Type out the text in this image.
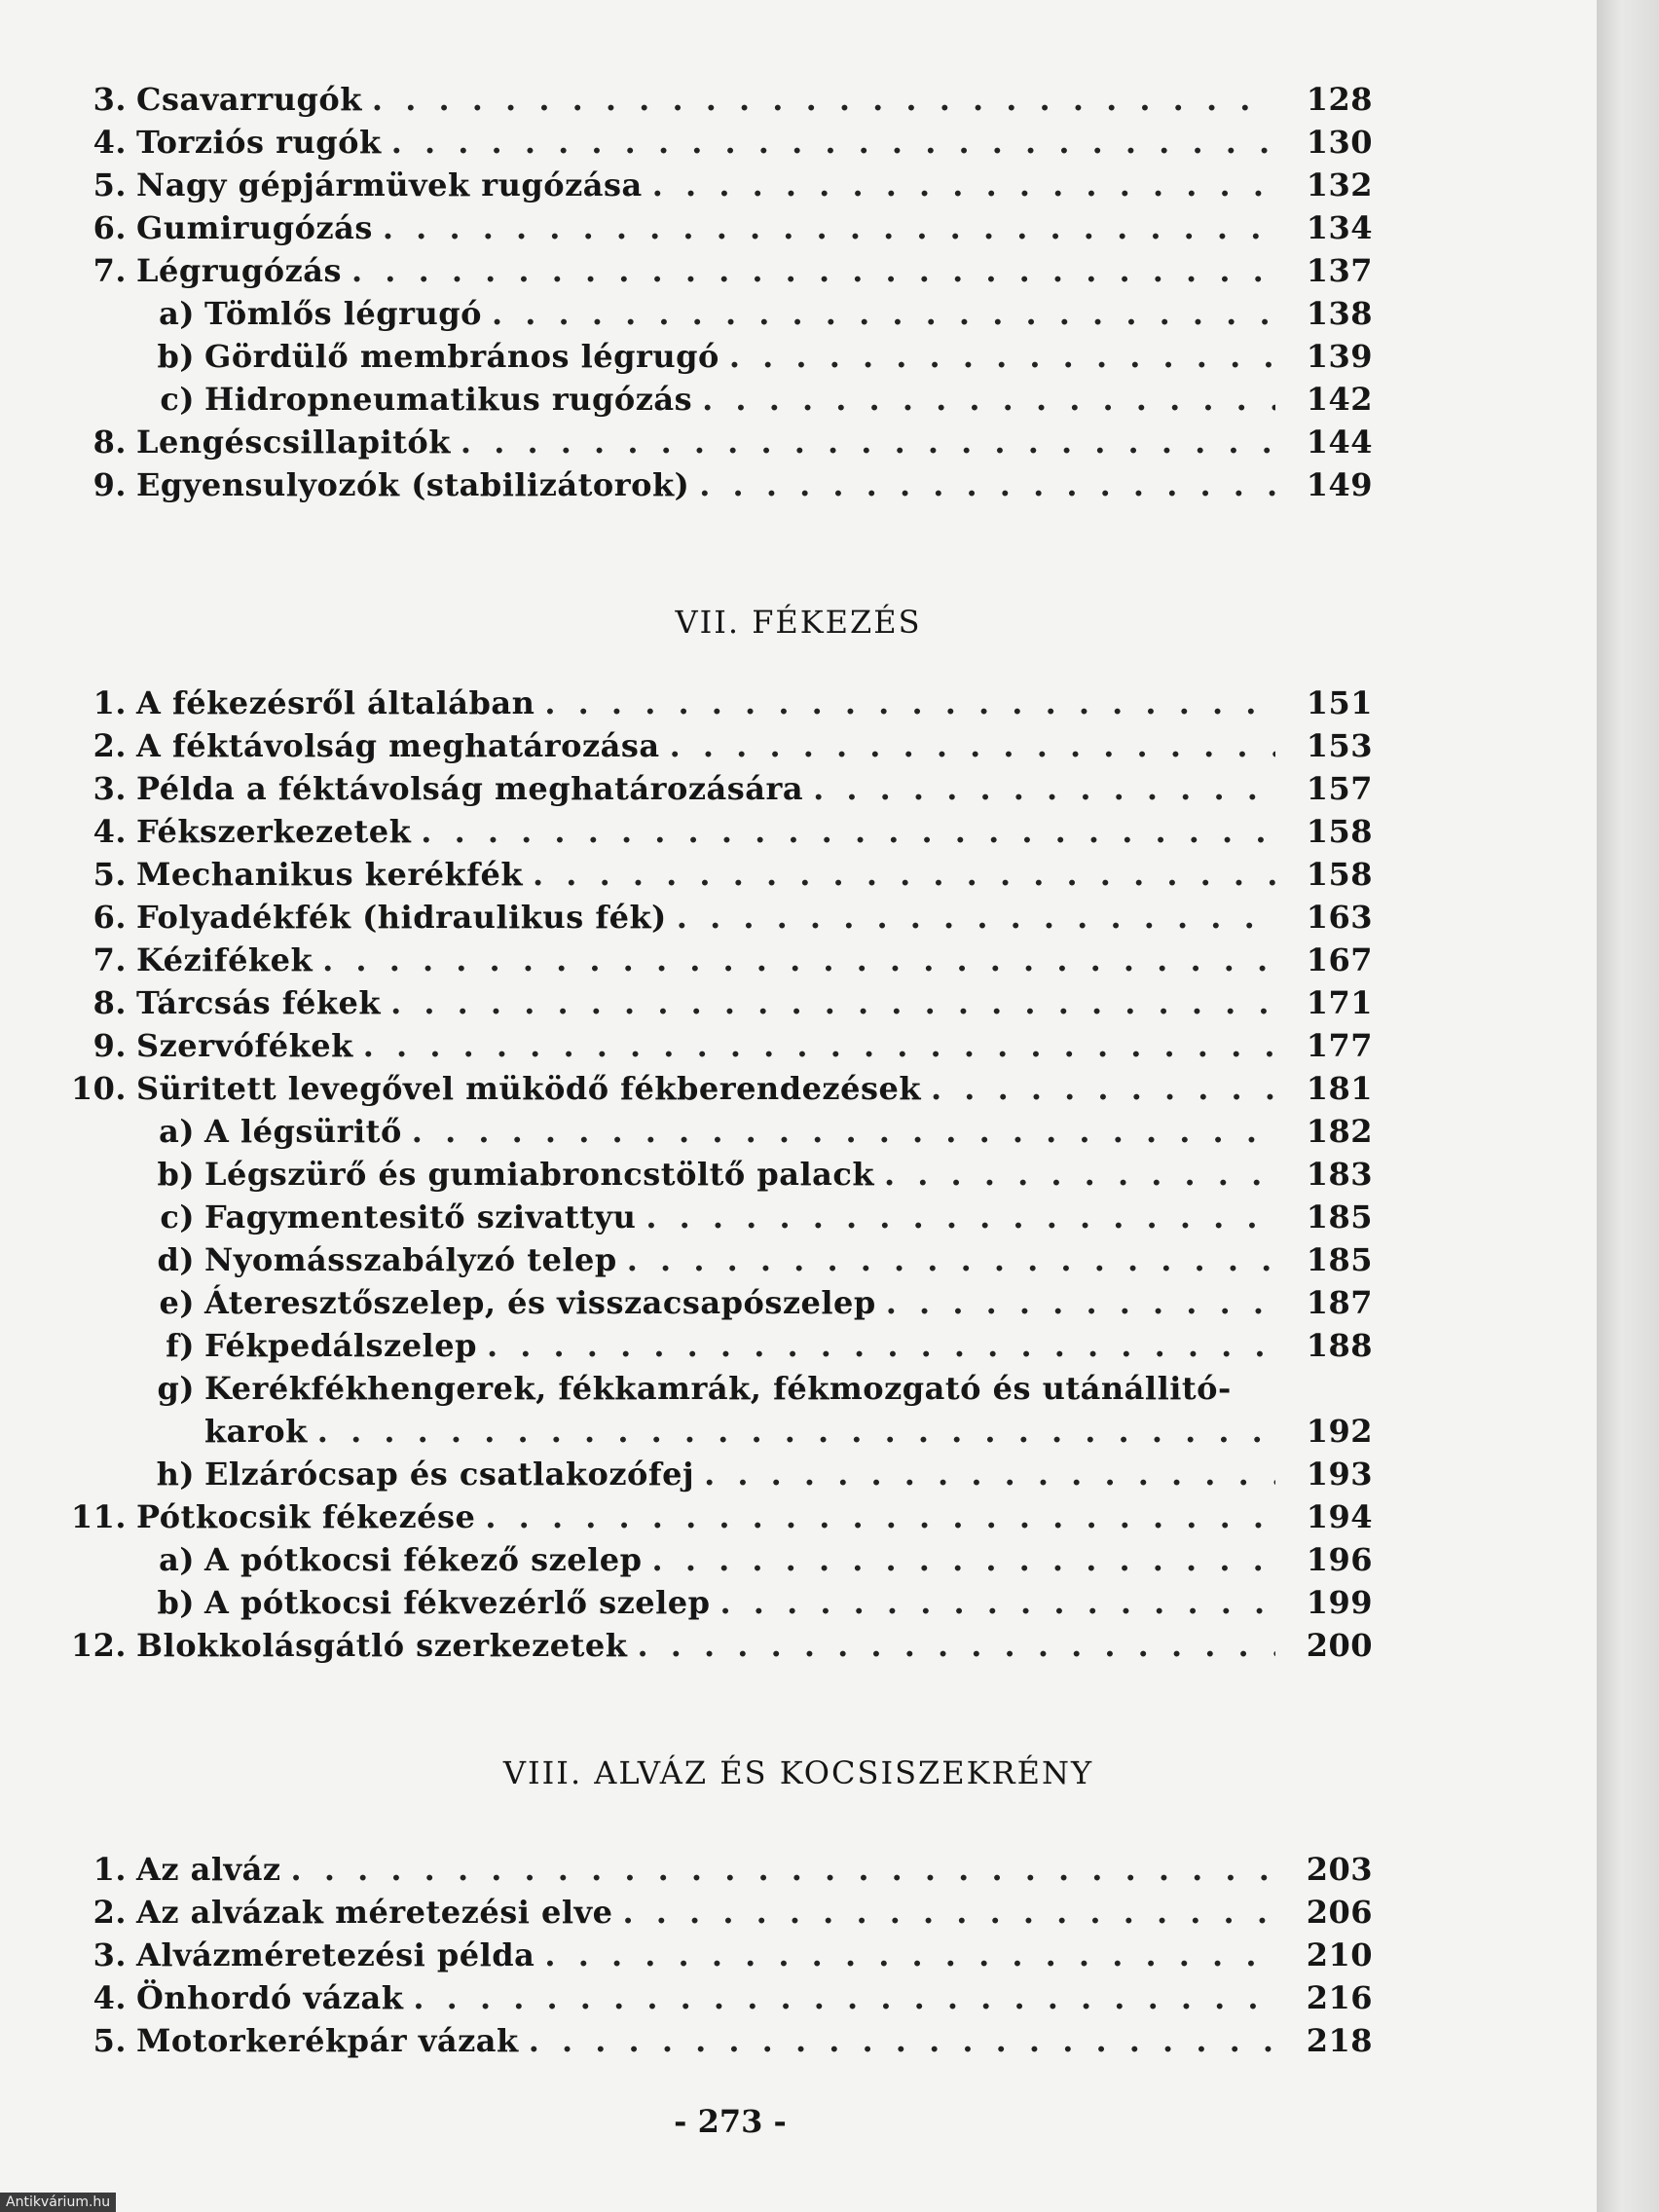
3. Csavarrugók . . .	128
4. Torziós rugók . . .	130
5. Nagy gépjármüvek rugózása . . .	132
6. Gumirugózás . . .	134
7. Légrugózás . . .	137
a) Tömlős légrugó . . .	138
b) Gördülő membrános légrugó . . .	139
c) Hidropneumatikus rugózás . . .	142
8. Lengéscsillapitók . . .	144
9. Egyensulyozók (stabilizátorok) . . .	149
VII. FÉKEZÉS
1. A fékezésről általában . . .	151
2. A féktávolság meghatározása . . .	153
3. Példa a féktávolság meghatározására . . .	157
4. Fékszerkezetek . . .	158
5. Mechanikus kerékfék . . .	158
6. Folyadékfék (hidraulikus fék) . . .	163
7. Kézifékek . . .	167
8. Tárcsás fékek . . .	171
9. Szervófékek . . .	177
10. Süritett levegővel müködő fékberendezések . . .	181
a) A légsüritő . . .	182
b) Légszürő és gumiabroncstöltő palack . . .	183
c) Fagymentesitő szivattyu . . .	185
d) Nyomásszabályzó telep . . .	185
e) Áteresztőszelep, és visszacsapószelep . . .	187
f) Fékpedálszelep . . .	188
g) Kerékfékhengerek, fékkamrák, fékmozgató és utánállitó-
karok . . .	192
h) Elzárócsap és csatlakozófej . . .	193
11. Pótkocsik fékezése . . .	194
a) A pótkocsi fékező szelep . . .	196
b) A pótkocsi fékvezérlő szelep . . .	199
12. Blokkolásgátló szerkezetek . . .	200
VIII. ALVÁZ ÉS KOCSISZEKRÉNY
1. Az alváz . . .	203
2. Az alvázak méretezési elve . . .	206
3. Alvázméretezési példa . . .	210
4. Önhordó vázak . . .	216
5. Motorkerékpár vázak . . .	218
- 273 -
Antikvárium.hu
